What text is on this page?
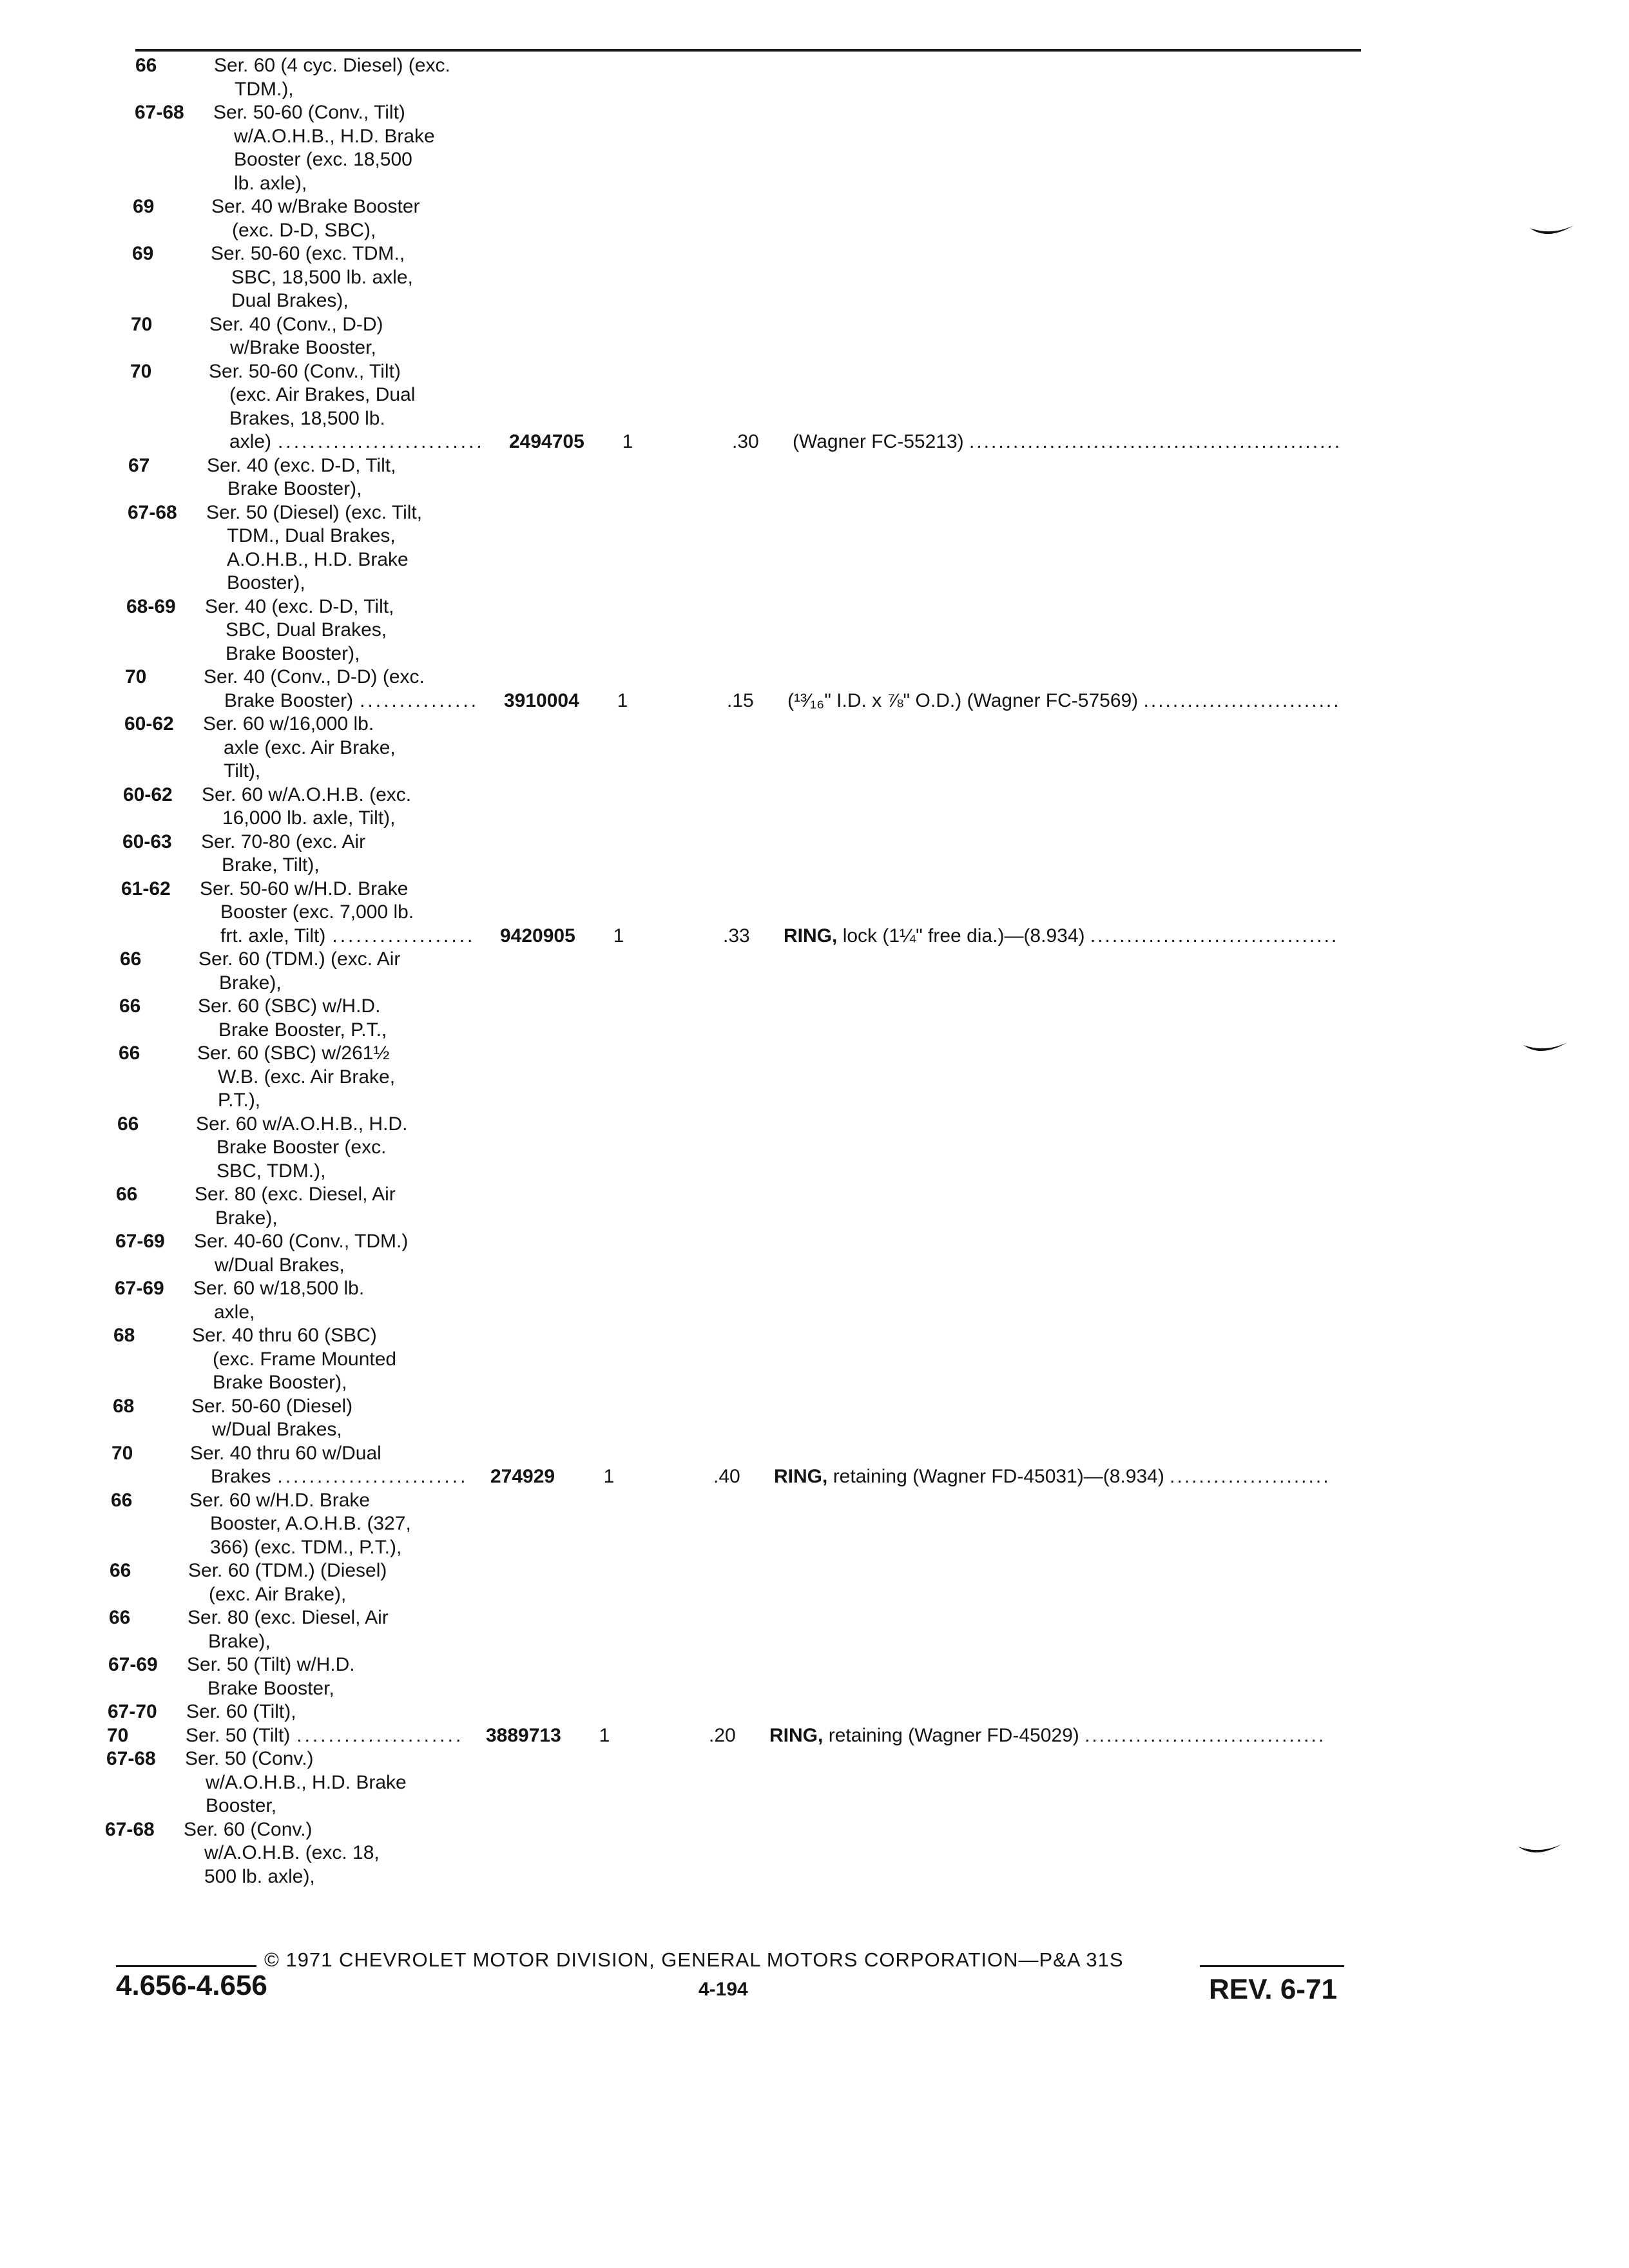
66	Ser. 60 (4 cyc. Diesel) (exc.
TDM.),
67-68 Ser. 50-60 (Conv., Tilt)
w/A.O.H.B., H.D. Brake
Booster (exc. 18,500
lb. axle),
69	Ser. 40 w/Brake Booster
(exc. D-D, SBC),
69	Ser. 50-60 (exc. TDM.,
SBC, 18,500 lb. axle,
Dual Brakes),
70	Ser. 40 (Conv., D-D)
w/Brake Booster,
70	Ser. 50-60 (Conv., Tilt)
(exc. Air Brakes, Dual
Brakes, 18,500 lb.
axle) .......................... 2494705 1	.30 (Wagner FC-55213) ...................................................
67	Ser. 40 (exc. D-D, Tilt,
Brake Booster),
67-68 Ser. 50 (Diesel) (exc. Tilt,
TDM., Dual Brakes,
A.O.H.B., H.D. Brake
Booster),
68-69 Ser. 40 (exc. D-D, Tilt,
SBC, Dual Brakes,
Brake Booster),
70	Ser. 40 (Conv., D-D) (exc.
Brake Booster) ............... 3910004 1	.15 (¹³⁄₁₆" I.D. x ⅞" O.D.) (Wagner FC-57569) ...........................
60-62 Ser. 60 w/16,000 lb.
axle (exc. Air Brake,
Tilt),
60-62 Ser. 60 w/A.O.H.B. (exc.
16,000 lb. axle, Tilt),
60-63 Ser. 70-80 (exc. Air
Brake, Tilt),
61-62 Ser. 50-60 w/H.D. Brake
Booster (exc. 7,000 lb.
frt. axle, Tilt) .................. 9420905 1	.33 RING, lock (1¼" free dia.)—(8.934) ..................................
66	Ser. 60 (TDM.) (exc. Air
Brake),
66	Ser. 60 (SBC) w/H.D.
Brake Booster, P.T.,
66	Ser. 60 (SBC) w/261½
W.B. (exc. Air Brake,
P.T.),
66	Ser. 60 w/A.O.H.B., H.D.
Brake Booster (exc.
SBC, TDM.),
66	Ser. 80 (exc. Diesel, Air
Brake),
67-69 Ser. 40-60 (Conv., TDM.)
w/Dual Brakes,
67-69 Ser. 60 w/18,500 lb.
axle,
68	Ser. 40 thru 60 (SBC)
(exc. Frame Mounted
Brake Booster),
68	Ser. 50-60 (Diesel)
w/Dual Brakes,
70	Ser. 40 thru 60 w/Dual
Brakes ........................ 274929	1	.40 RING, retaining (Wagner FD-45031)—(8.934) ......................
66	Ser. 60 w/H.D. Brake
Booster, A.O.H.B. (327,
366) (exc. TDM., P.T.),
66	Ser. 60 (TDM.) (Diesel)
(exc. Air Brake),
66	Ser. 80 (exc. Diesel, Air
Brake),
67-69 Ser. 50 (Tilt) w/H.D.
Brake Booster,
67-70 Ser. 60 (Tilt),
70	Ser. 50 (Tilt) ..................... 3889713 1	.20 RING, retaining (Wagner FD-45029) .................................
67-68 Ser. 50 (Conv.)
w/A.O.H.B., H.D. Brake
Booster,
67-68 Ser. 60 (Conv.)
w/A.O.H.B. (exc. 18,
500 lb. axle),
© 1971 CHEVROLET MOTOR DIVISION, GENERAL MOTORS CORPORATION—P&A 31S
4.656-4.656	4-194	REV. 6-71
